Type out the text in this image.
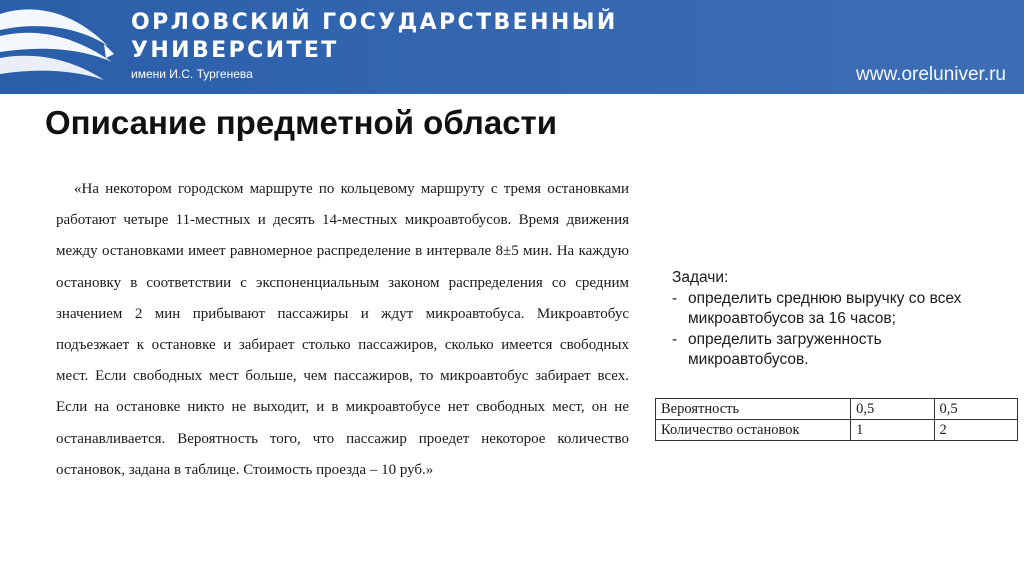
ОРЛОВСКИЙ ГОСУДАРСТВЕННЫЙ
УНИВЕРСИТЕТ
имени И.С. Тургенева	www.oreluniver.ru
Описание предметной области

«На некотором городском маршруте по кольцевому маршруту с тремя остановками работают четыре 11-местных и десять 14-местных микроавтобусов. Время движения между остановками имеет равномерное распределение в интервале 8±5 мин. На каждую остановку в соответствии с экспоненциальным законом распределения со средним значением 2 мин прибывают пассажиры и ждут микроавтобуса. Микроавтобус подъезжает к остановке и забирает столько пассажиров, сколько имеется свободных мест. Если свободных мест больше, чем пассажиров, то микроавтобус забирает всех. Если на остановке никто не выходит, и в микроавтобусе нет свободных мест, он не останавливается. Вероятность того, что пассажир проедет некоторое количество остановок, задана в таблице. Стоимость проезда – 10 руб.»

Задачи:

- определить среднюю выручку со всех микроавтобусов за 16 часов;
- определить загруженность микроавтобусов.
Вероятность	0,5	0,5
Количество остановок	1	2
